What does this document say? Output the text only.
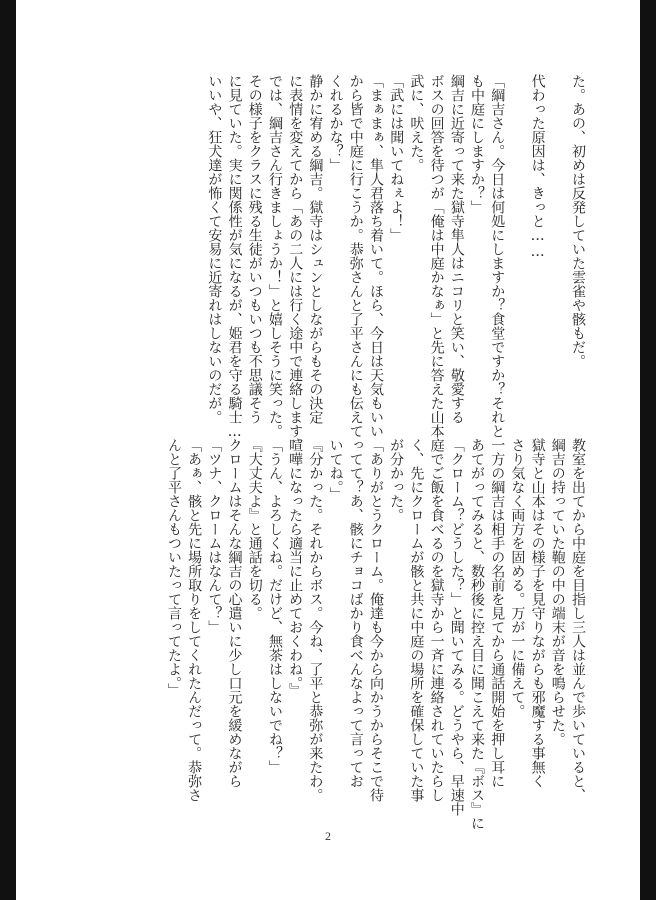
た。あの、初めは反発していた雲雀や骸もだ。
代わった原因は、きっと……
「綱吉さん。今日は何処にしますか？食堂ですか？それと
も中庭にしますか？」
綱吉に近寄って来た獄寺隼人はニコリと笑い、敬愛する
ボスの回答を待つが「俺は中庭かなぁ」と先に答えた山本
武に、吠えた。
「武には聞いてねぇよ！」
「まぁまぁ、隼人君落ち着いて。ほら、今日は天気もいい
から皆で中庭に行こうか。恭弥さんと了平さんにも伝えて
くれるかな？」
静かに宥める綱吉。獄寺はシュンとしながらもその決定
に表情を変えてから「あの二人には行く途中で連絡します。
では、綱吉さん行きましょうか！」と嬉しそうに笑った。
その様子をクラスに残る生徒がいつもいつも不思議そう
に見ていた。実に関係性が気になるが、姫君を守る騎士…
いいや、狂犬達が怖くて安易に近寄れはしないのだが。
教室を出てから中庭を目指し三人は並んで歩いていると、
綱吉の持っていた鞄の中の端末が音を鳴らせた。
獄寺と山本はその様子を見守りながらも邪魔する事無く
さり気なく両方を固める。万が一に備えて。
一方の綱吉は相手の名前を見てから通話開始を押し耳に
あてがってみると、数秒後に控え目に聞こえて来た『ボス』に
「クローム？どうした？」と聞いてみる。どうやら、早速中
庭でご飯を食べるのを獄寺から一斉に連絡されていたらし
く、先にクロームが骸と共に中庭の場所を確保していた事
が分かった。
「ありがとうクローム。俺達も今から向かうからそこで待
ってて？あ、骸にチョコばかり食べんなよって言ってお
いてね。」
『分かった。それからボス。今ね、了平と恭弥が来たわ。
喧嘩になったら適当に止めておくわね。』
「うん、よろしくね。だけど、無茶はしないでね？」
『大丈夫よ』と通話を切る。
クロームはそんな綱吉の心遣いに少し口元を緩めながら
「ツナ、クロームはなんて？」
「あぁ、骸と先に場所取りをしてくれたんだって。恭弥さ
んと了平さんもついたって言ってたよ。」
2
